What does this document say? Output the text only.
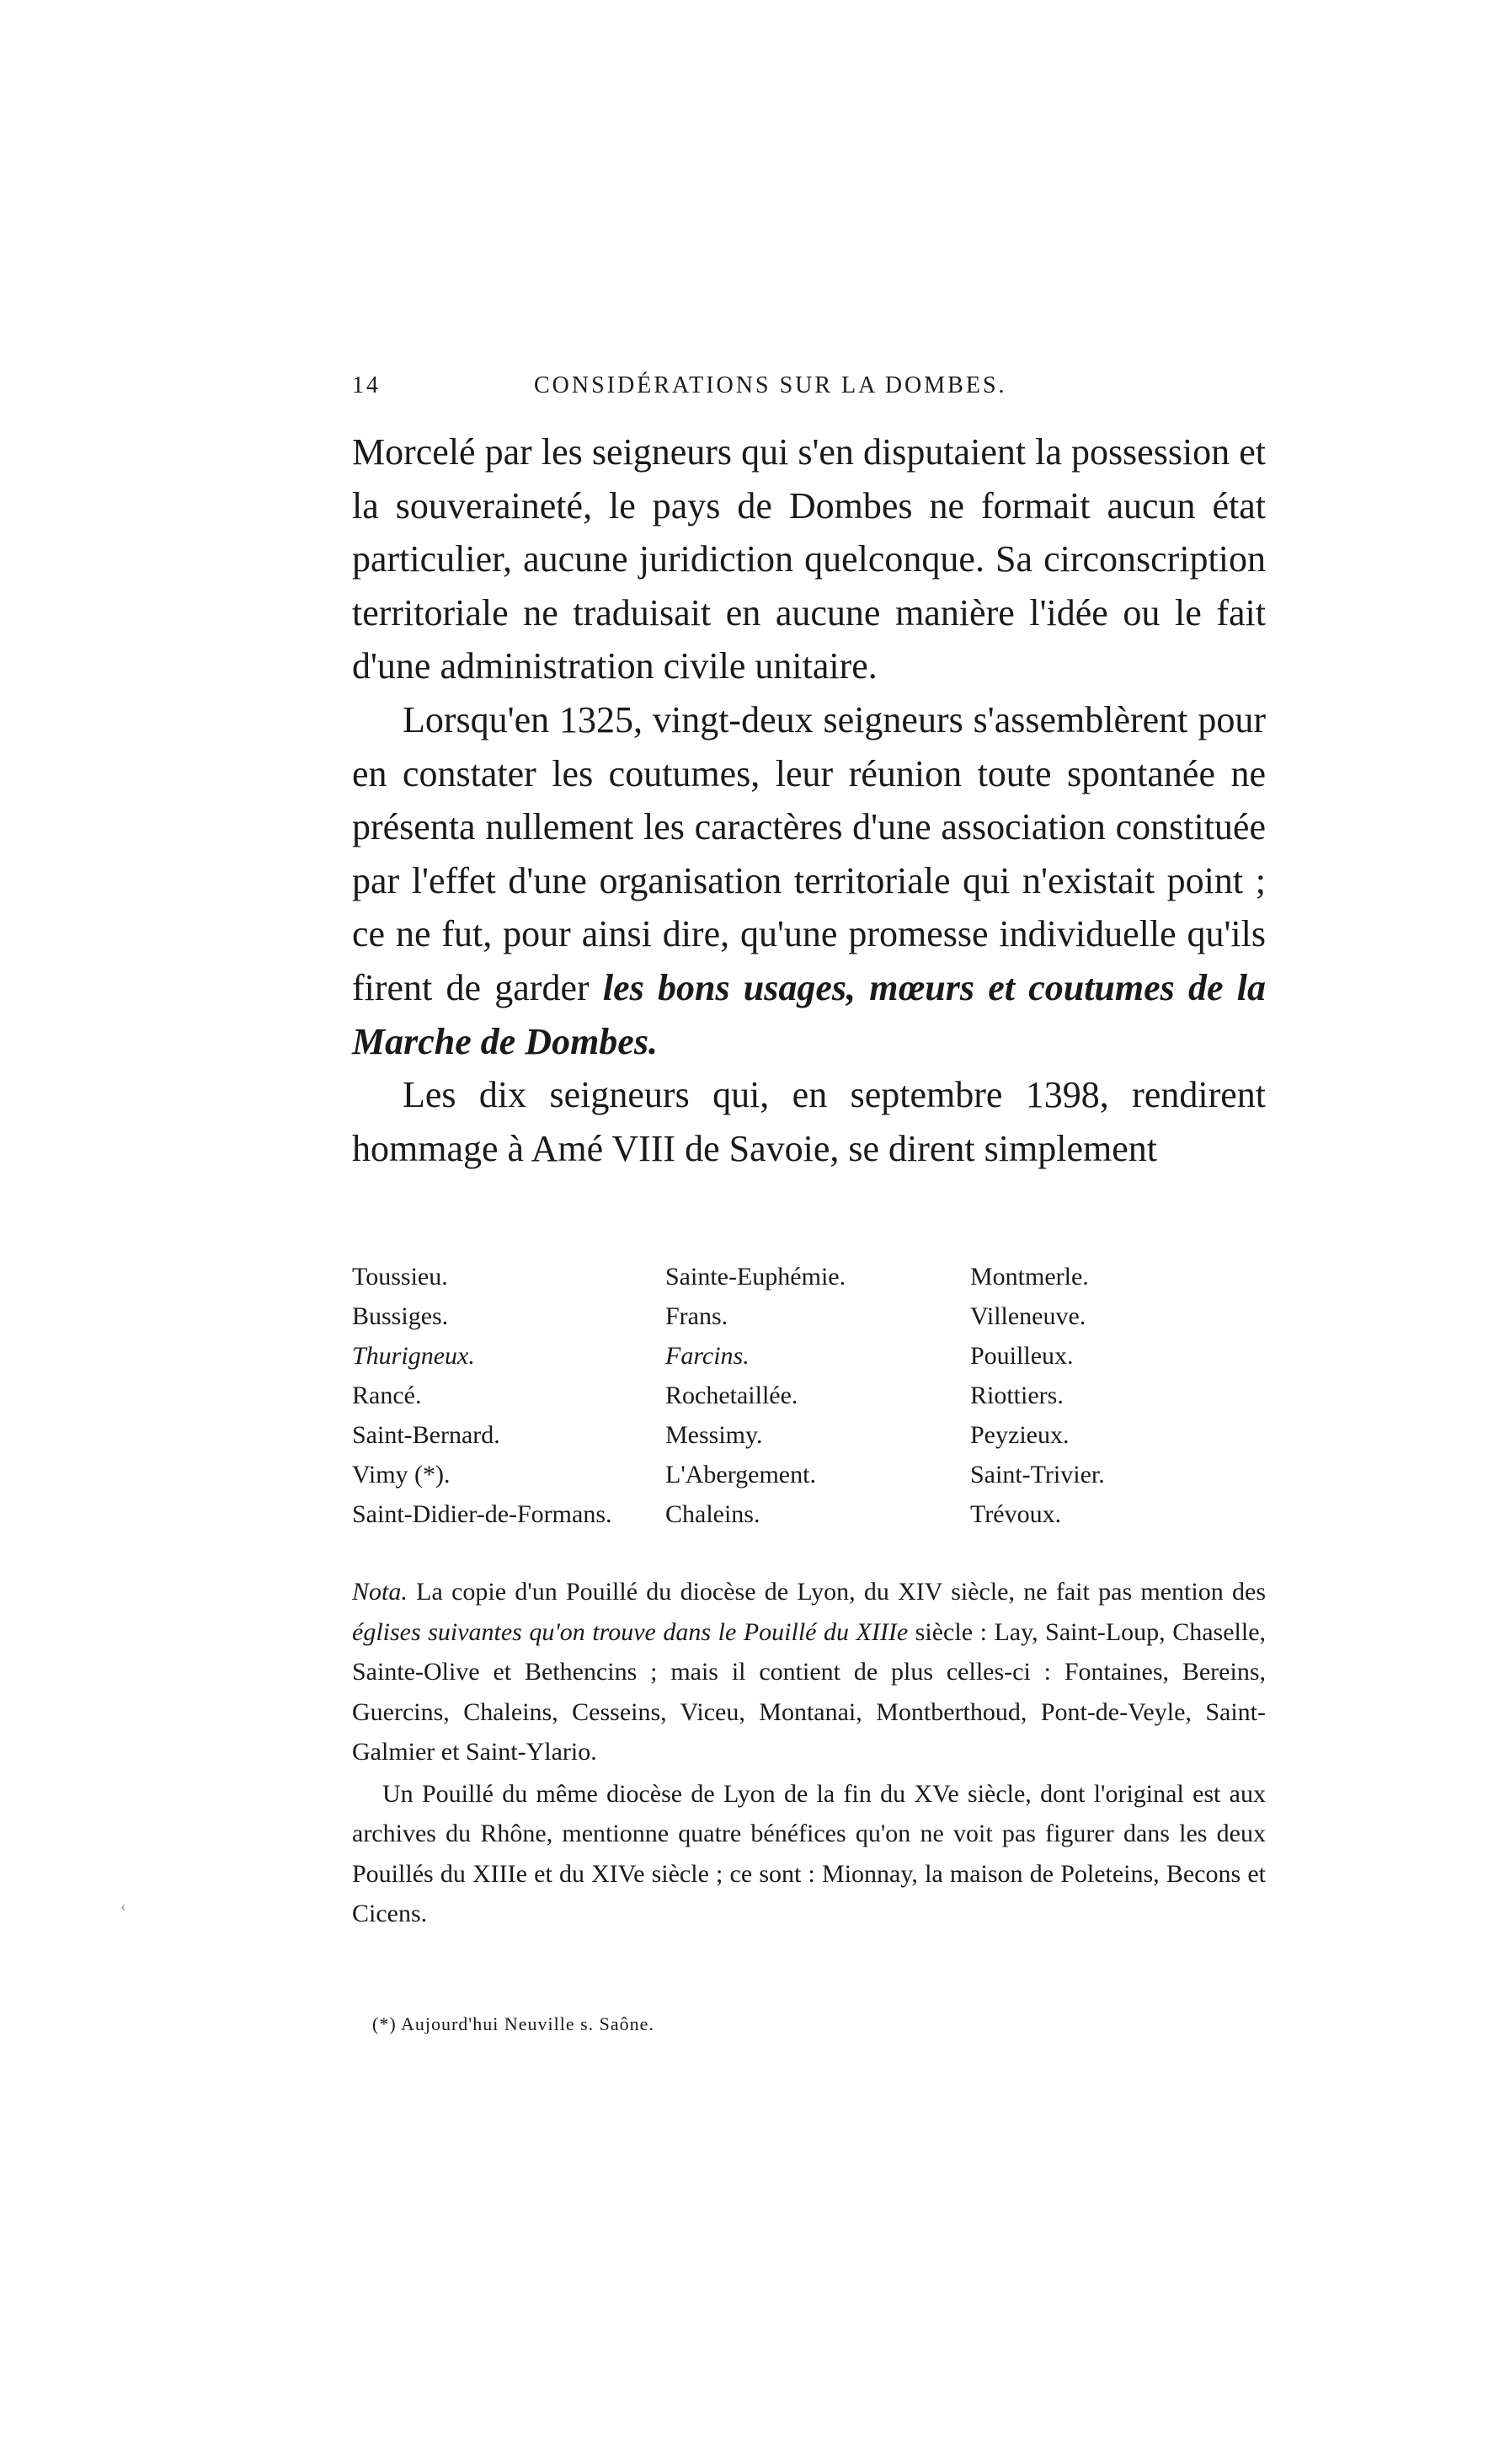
14	CONSIDÉRATIONS SUR LA DOMBES.

Morcelé par les seigneurs qui s'en disputaient la possession et la souveraineté, le pays de Dombes ne formait aucun état particulier, aucune juridiction quelconque. Sa circonscription territoriale ne traduisait en aucune manière l'idée ou le fait d'une administration civile unitaire.

Lorsqu'en 1325, vingt-deux seigneurs s'assemblèrent pour en constater les coutumes, leur réunion toute spontanée ne présenta nullement les caractères d'une association constituée par l'effet d'une organisation territoriale qui n'existait point ; ce ne fut, pour ainsi dire, qu'une promesse individuelle qu'ils firent de garder les bons usages, mœurs et coutumes de la Marche de Dombes.

Les dix seigneurs qui, en septembre 1398, rendirent hommage à Amé VIII de Savoie, se dirent simplement

Toussieu.
Bussiges.
Thurigneux.
Rancé.
Saint-Bernard.
Vimy (*).
Saint-Didier-de-Formans.
Sainte-Euphémie.
Frans.
Farcins.
Rochetaillée.
Messimy.
L'Abergement.
Chaleins.
Montmerle.
Villeneuve.
Pouilleux.
Riottiers.
Peyzieux.
Saint-Trivier.
Trévoux.

Nota. La copie d'un Pouillé du diocèse de Lyon, du XIV siècle, ne fait pas mention des églises suivantes qu'on trouve dans le Pouillé du XIIIe siècle : Lay, Saint-Loup, Chaselle, Sainte-Olive et Bethencins ; mais il contient de plus celles-ci : Fontaines, Bereins, Guercins, Chaleins, Cesseins, Viceu, Montanai, Montberthoud, Pont-de-Veyle, Saint-Galmier et Saint-Ylario.

Un Pouillé du même diocèse de Lyon de la fin du XVe siècle, dont l'original est aux archives du Rhône, mentionne quatre bénéfices qu'on ne voit pas figurer dans les deux Pouillés du XIIIe et du XIVe siècle ; ce sont : Mionnay, la maison de Poleteins, Becons et Cicens.

(*) Aujourd'hui Neuville s. Saône.
‹
